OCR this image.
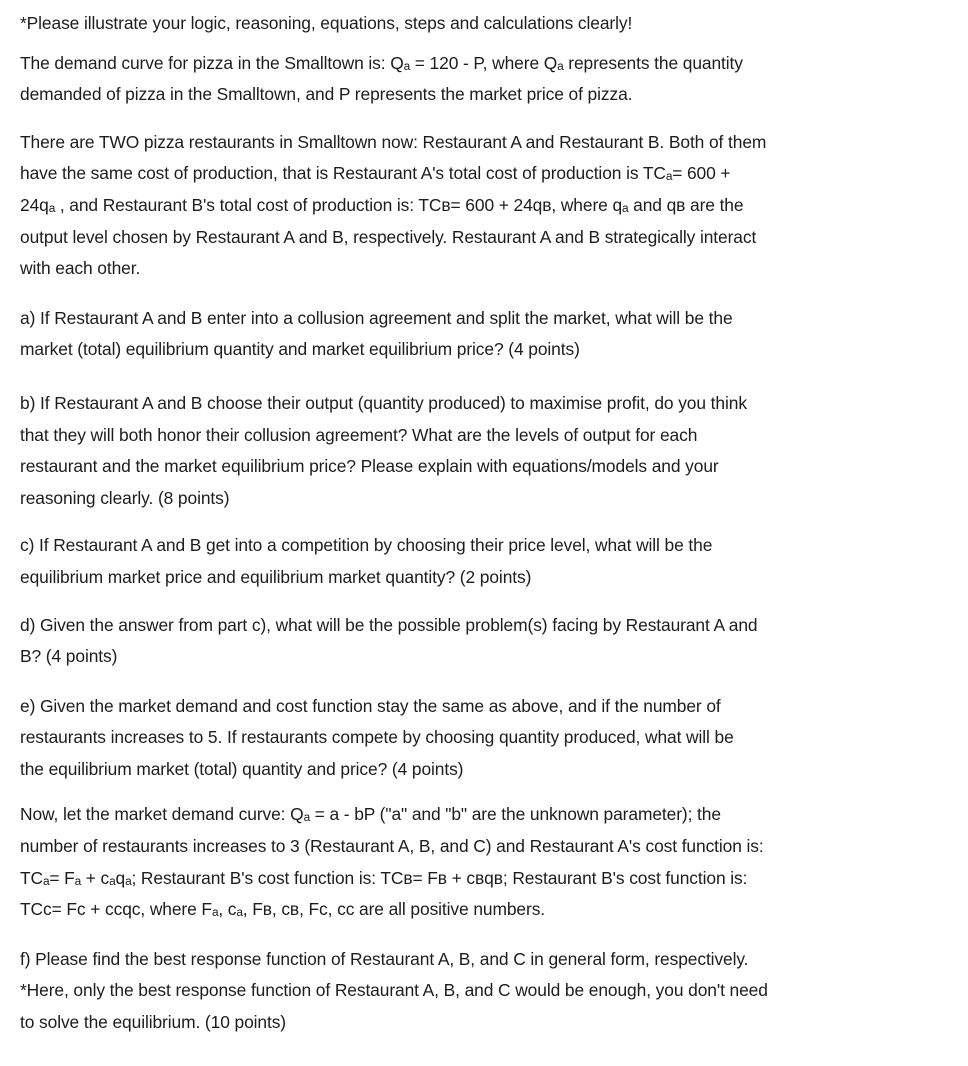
*Please illustrate your logic, reasoning, equations, steps and calculations clearly!

The demand curve for pizza in the Smalltown is: Qₐ = 120 - P, where Qₐ represents the quantity
demanded of pizza in the Smalltown, and P represents the market price of pizza.

There are TWO pizza restaurants in Smalltown now: Restaurant A and Restaurant B. Both of them
have the same cost of production, that is Restaurant A's total cost of production is TCₐ= 600 +
24qₐ , and Restaurant B's total cost of production is: TCʙ= 600 + 24qʙ, where qₐ and qʙ are the
output level chosen by Restaurant A and B, respectively. Restaurant A and B strategically interact
with each other.

a) If Restaurant A and B enter into a collusion agreement and split the market, what will be the
market (total) equilibrium quantity and market equilibrium price? (4 points)

b) If Restaurant A and B choose their output (quantity produced) to maximise profit, do you think
that they will both honor their collusion agreement? What are the levels of output for each
restaurant and the market equilibrium price? Please explain with equations/models and your
reasoning clearly. (8 points)

c) If Restaurant A and B get into a competition by choosing their price level, what will be the
equilibrium market price and equilibrium market quantity? (2 points)

d) Given the answer from part c), what will be the possible problem(s) facing by Restaurant A and
B? (4 points)

e) Given the market demand and cost function stay the same as above, and if the number of
restaurants increases to 5. If restaurants compete by choosing quantity produced, what will be
the equilibrium market (total) quantity and price? (4 points)

Now, let the market demand curve: Qₐ = a - bP ("a" and "b" are the unknown parameter); the
number of restaurants increases to 3 (Restaurant A, B, and C) and Restaurant A's cost function is:
TCₐ= Fₐ + cₐqₐ; Restaurant B's cost function is: TCʙ= Fʙ + cʙqʙ; Restaurant B's cost function is:
TCᴄ= Fᴄ + cᴄqᴄ, where Fₐ, cₐ, Fʙ, cʙ, Fᴄ, cᴄ are all positive numbers.

f) Please find the best response function of Restaurant A, B, and C in general form, respectively.
*Here, only the best response function of Restaurant A, B, and C would be enough, you don't need
to solve the equilibrium. (10 points)
